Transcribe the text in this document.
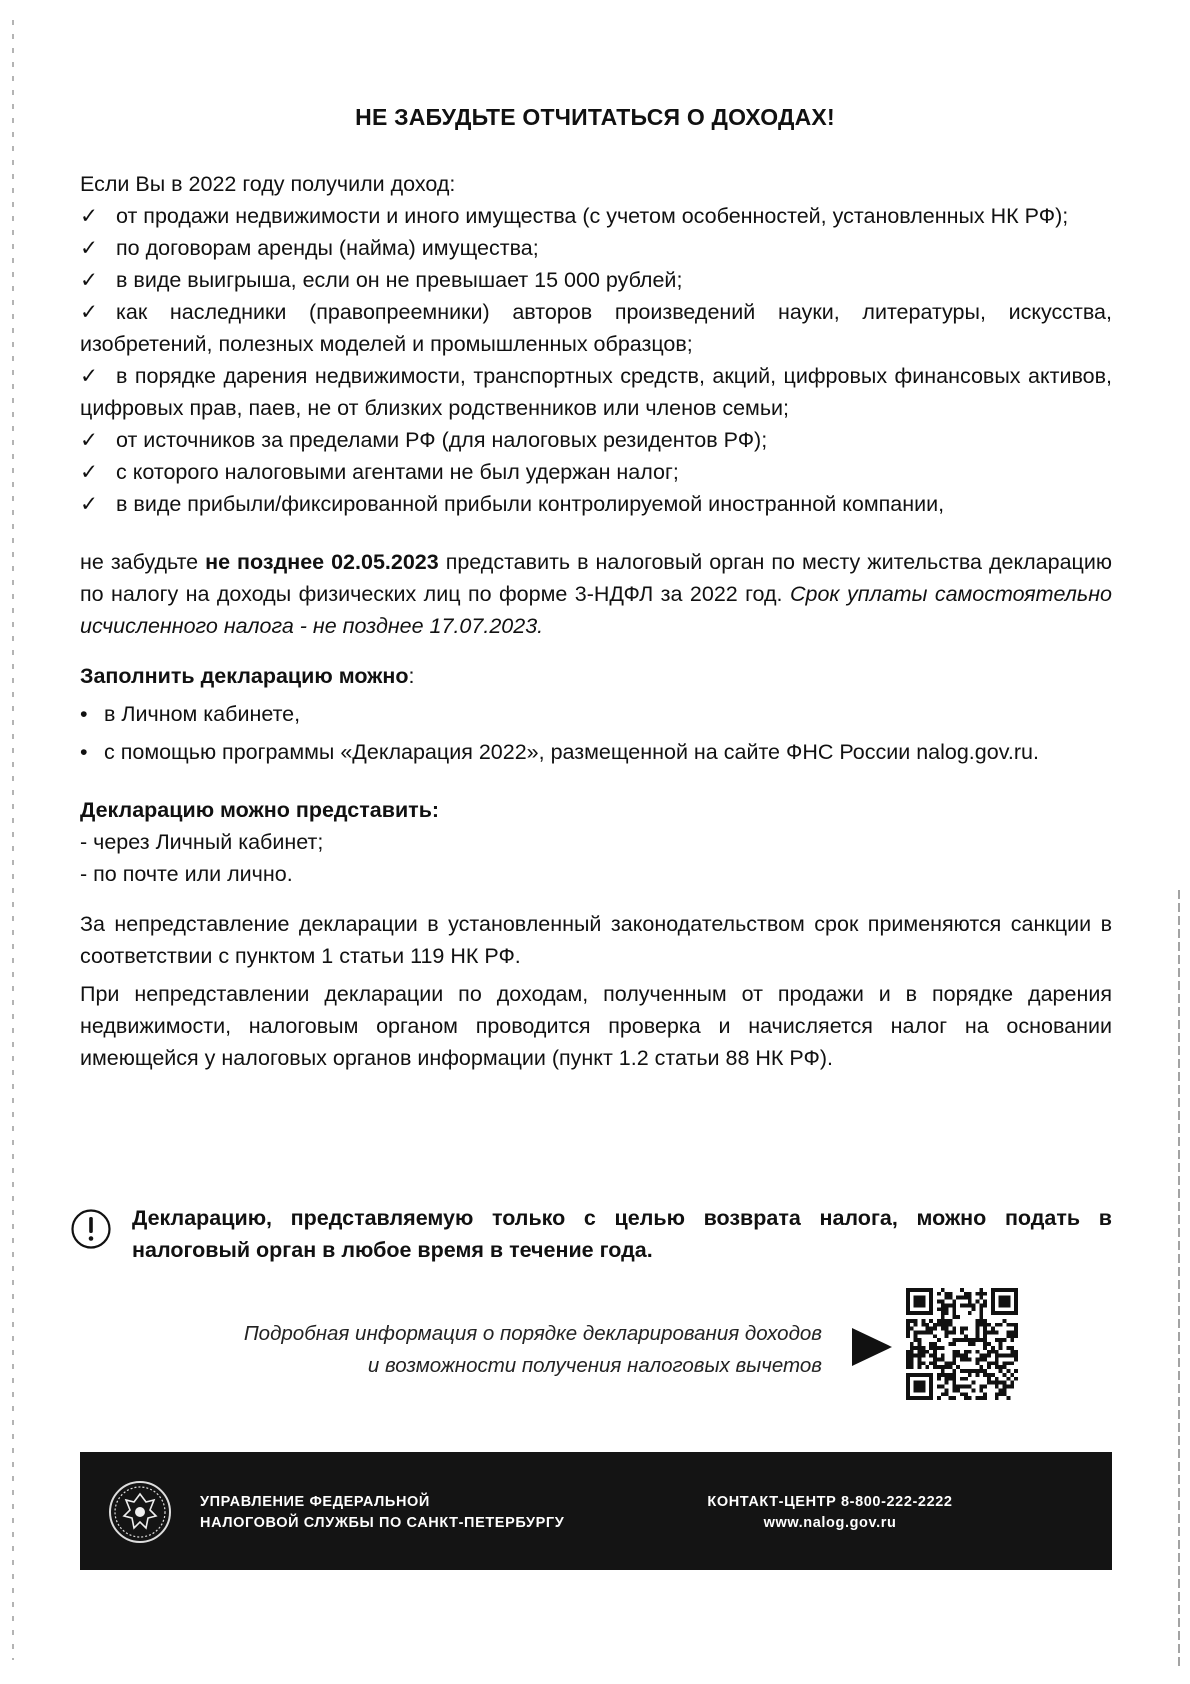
НЕ ЗАБУДЬТЕ ОТЧИТАТЬСЯ О ДОХОДАХ!

Если Вы в 2022 году получили доход:

✓ от продажи недвижимости и иного имущества (с учетом особенностей, установленных НК РФ);

✓ по договорам аренды (найма) имущества;

✓ в виде выигрыша, если он не превышает 15 000 рублей;

✓ как наследники (правопреемники) авторов произведений науки, литературы, искусства, изобретений, полезных моделей и промышленных образцов;

✓ в порядке дарения недвижимости, транспортных средств, акций, цифровых финансовых активов, цифровых прав, паев, не от близких родственников или членов семьи;

✓ от источников за пределами РФ (для налоговых резидентов РФ);

✓ с которого налоговыми агентами не был удержан налог;

✓ в виде прибыли/фиксированной прибыли контролируемой иностранной компании,

не забудьте не позднее 02.05.2023 представить в налоговый орган по месту жительства декларацию по налогу на доходы физических лиц по форме 3-НДФЛ за 2022 год. Срок уплаты самостоятельно исчисленного налога - не позднее 17.07.2023.

Заполнить декларацию можно:

• в Личном кабинете,

• с помощью программы «Декларация 2022», размещенной на сайте ФНС России nalog.gov.ru.

Декларацию можно представить:

- через Личный кабинет;

- по почте или лично.

За непредставление декларации в установленный законодательством срок применяются санкции в соответствии с пунктом 1 статьи 119 НК РФ.

При непредставлении декларации по доходам, полученным от продажи и в порядке дарения недвижимости, налоговым органом проводится проверка и начисляется налог на основании имеющейся у налоговых органов информации (пункт 1.2 статьи 88 НК РФ).

Декларацию, представляемую только с целью возврата налога, можно подать в налоговый орган в любое время в течение года.
Подробная информация о порядке декларирования доходов
и возможности получения налоговых вычетов
УПРАВЛЕНИЕ ФЕДЕРАЛЬНОЙ
НАЛОГОВОЙ СЛУЖБЫ ПО САНКТ-ПЕТЕРБУРГУ
КОНТАКТ-ЦЕНТР 8-800-222-2222
www.nalog.gov.ru
